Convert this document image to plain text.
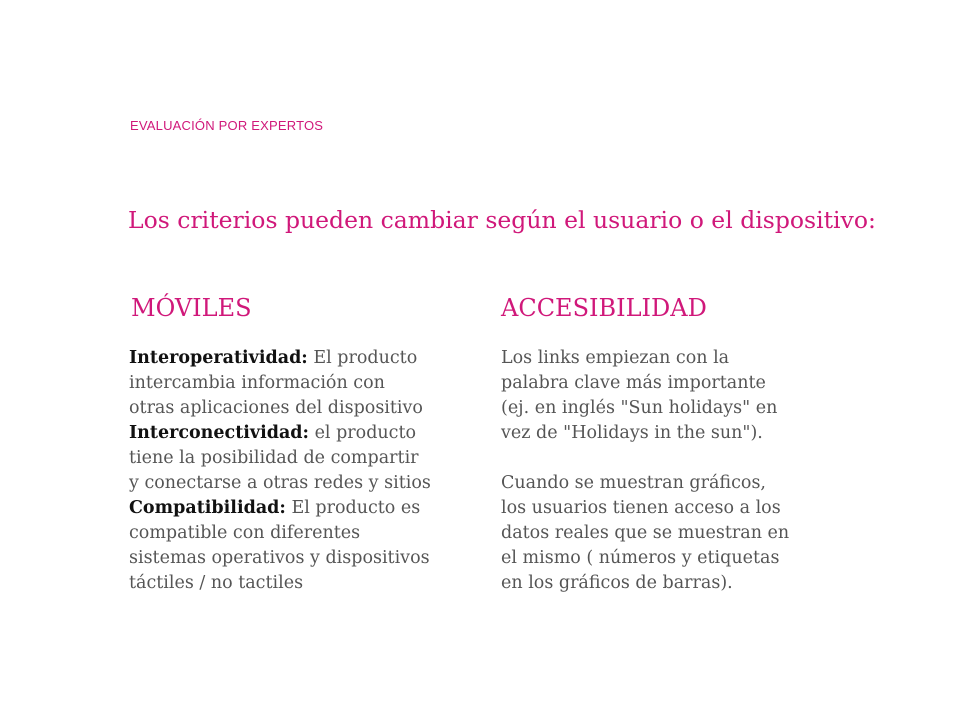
EVALUACIÓN POR EXPERTOS
Los criterios pueden cambiar según el usuario o el dispositivo:
MÓVILES	ACCESIBILIDAD
Interoperatividad: El producto
intercambia información con
otras aplicaciones del dispositivo
Interconectividad: el producto
tiene la posibilidad de compartir
y conectarse a otras redes y sitios
Compatibilidad: El producto es
compatible con diferentes
sistemas operativos y dispositivos
táctiles / no tactiles
Los links empiezan con la
palabra clave más importante
(ej. en inglés "Sun holidays" en
vez de "Holidays in the sun").
Cuando se muestran gráficos,
los usuarios tienen acceso a los
datos reales que se muestran en
el mismo ( números y etiquetas
en los gráficos de barras).
